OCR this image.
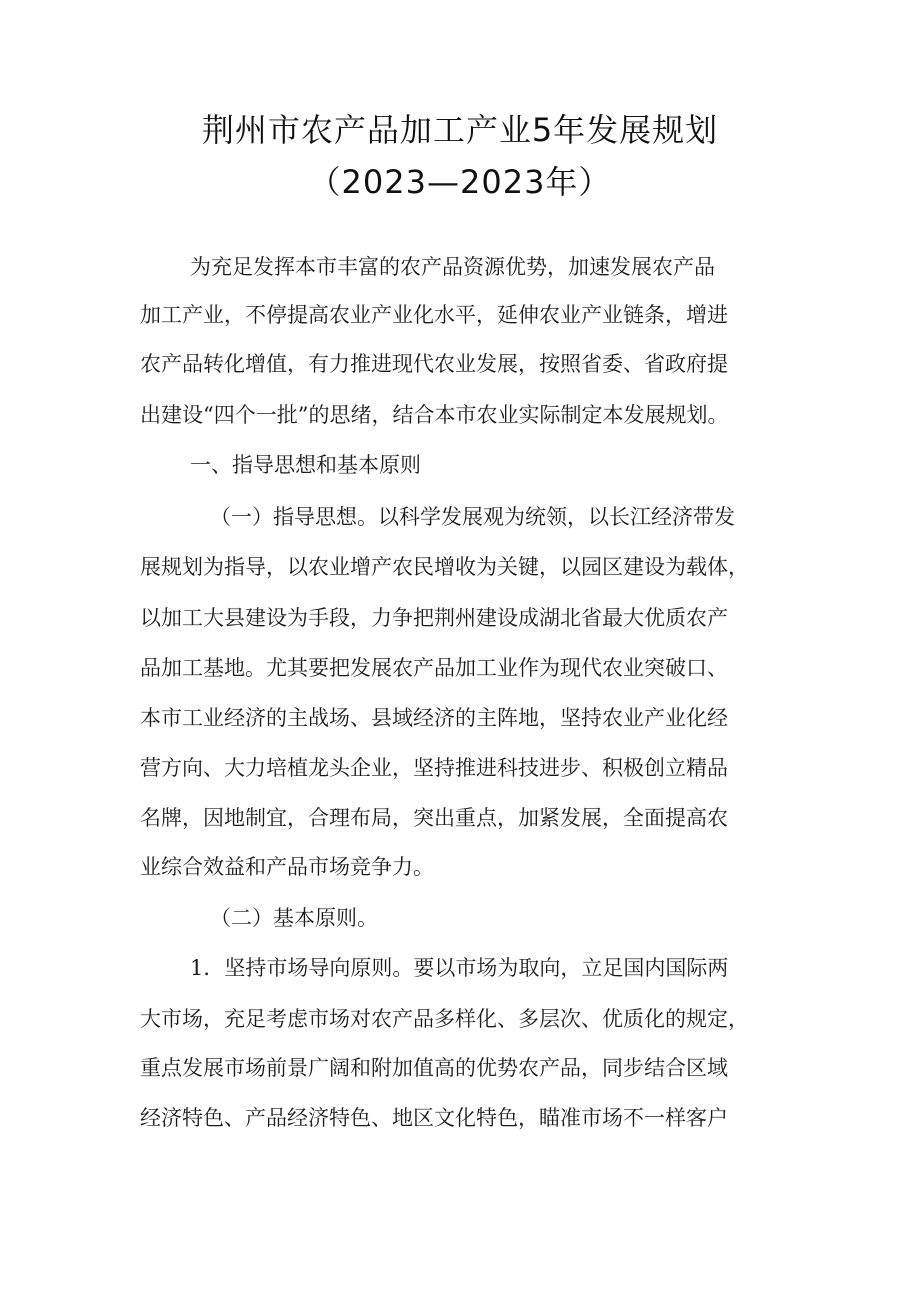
荆州市农产品加工产业5年发展规划
（2023—2023年）
为充足发挥本市丰富的农产品资源优势，加速发展农产品
加工产业，不停提高农业产业化水平，延伸农业产业链条，增进
农产品转化增值，有力推进现代农业发展，按照省委、省政府提
出建设“四个一批”的思绪，结合本市农业实际制定本发展规划。
一、指导思想和基本原则
（一）指导思想。以科学发展观为统领，以长江经济带发
展规划为指导，以农业增产农民增收为关键，以园区建设为载体，
以加工大县建设为手段，力争把荆州建设成湖北省最大优质农产
品加工基地。尤其要把发展农产品加工业作为现代农业突破口、
本市工业经济的主战场、县域经济的主阵地，坚持农业产业化经
营方向、大力培植龙头企业，坚持推进科技进步、积极创立精品
名牌，因地制宜，合理布局，突出重点，加紧发展，全面提高农
业综合效益和产品市场竞争力。
（二）基本原则。
1．坚持市场导向原则。要以市场为取向，立足国内国际两
大市场，充足考虑市场对农产品多样化、多层次、优质化的规定，
重点发展市场前景广阔和附加值高的优势农产品，同步结合区域
经济特色、产品经济特色、地区文化特色，瞄准市场不一样客户
